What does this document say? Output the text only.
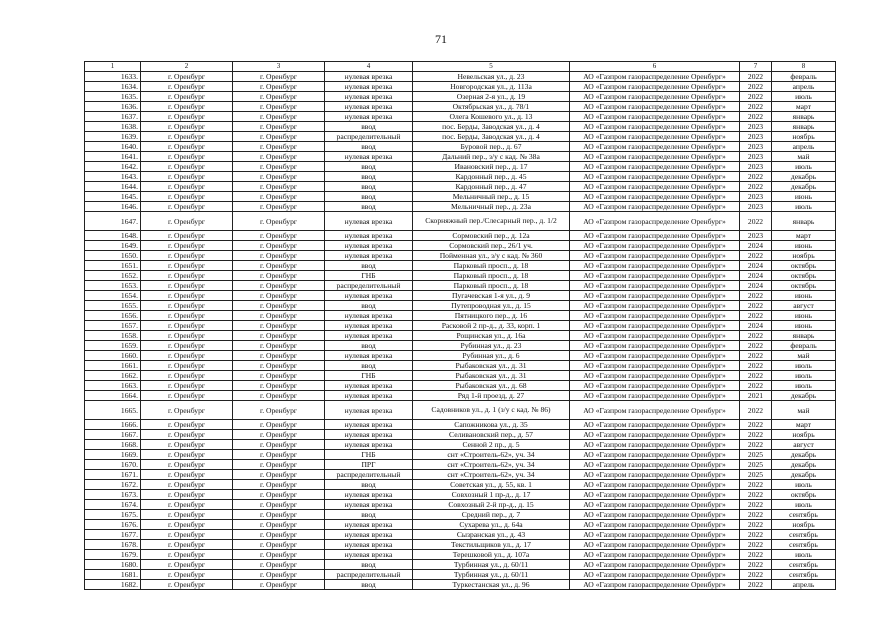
71
1	2	3	4	5	6	7	8
1633.	г. Оренбург	г. Оренбург	нулевая врезка	Невельская ул., д. 23	АО «Газпром газораспределение Оренбург»	2022	февраль
1634.	г. Оренбург	г. Оренбург	нулевая врезка	Новгородская ул., д. 113а	АО «Газпром газораспределение Оренбург»	2022	апрель
1635.	г. Оренбург	г. Оренбург	нулевая врезка	Озерная 2-я ул., д. 19	АО «Газпром газораспределение Оренбург»	2022	июль
1636.	г. Оренбург	г. Оренбург	нулевая врезка	Октябрьская ул., д. 78/1	АО «Газпром газораспределение Оренбург»	2022	март
1637.	г. Оренбург	г. Оренбург	нулевая врезка	Олега Кошевого ул., д. 13	АО «Газпром газораспределение Оренбург»	2022	январь
1638.	г. Оренбург	г. Оренбург	ввод	пос. Берды, Заводская ул., д. 4	АО «Газпром газораспределение Оренбург»	2023	январь
1639.	г. Оренбург	г. Оренбург	распределительный	пос. Берды, Заводская ул., д. 4	АО «Газпром газораспределение Оренбург»	2023	ноябрь
1640.	г. Оренбург	г. Оренбург	ввод	Буровой пер., д. 67	АО «Газпром газораспределение Оренбург»	2023	апрель
1641.	г. Оренбург	г. Оренбург	нулевая врезка	Дальний пер., з/у с кад. № 38а	АО «Газпром газораспределение Оренбург»	2023	май
1642.	г. Оренбург	г. Оренбург	ввод	Ивановский пер., д. 17	АО «Газпром газораспределение Оренбург»	2023	июль
1643.	г. Оренбург	г. Оренбург	ввод	Кардонный пер., д. 45	АО «Газпром газораспределение Оренбург»	2022	декабрь
1644.	г. Оренбург	г. Оренбург	ввод	Кардонный пер., д. 47	АО «Газпром газораспределение Оренбург»	2022	декабрь
1645.	г. Оренбург	г. Оренбург	ввод	Мельничный пер., д. 15	АО «Газпром газораспределение Оренбург»	2023	июнь
1646.	г. Оренбург	г. Оренбург	ввод	Мельничный пер., д. 23а	АО «Газпром газораспределение Оренбург»	2023	июль
1647.	г. Оренбург	г. Оренбург	нулевая врезка	Скорняжный пер./Слесарный пер., д. 1/2	АО «Газпром газораспределение Оренбург»	2022	январь
1648.	г. Оренбург	г. Оренбург	нулевая врезка	Сормовский пер., д. 12а	АО «Газпром газораспределение Оренбург»	2023	март
1649.	г. Оренбург	г. Оренбург	нулевая врезка	Сормовский пер., 26/1 уч.	АО «Газпром газораспределение Оренбург»	2024	июнь
1650.	г. Оренбург	г. Оренбург	нулевая врезка	Пойменная ул., з/у с кад. № 360	АО «Газпром газораспределение Оренбург»	2022	ноябрь
1651.	г. Оренбург	г. Оренбург	ввод	Парковый просп., д. 18	АО «Газпром газораспределение Оренбург»	2024	октябрь
1652.	г. Оренбург	г. Оренбург	ГНБ	Парковый просп., д. 18	АО «Газпром газораспределение Оренбург»	2024	октябрь
1653.	г. Оренбург	г. Оренбург	распределительный	Парковый просп., д. 18	АО «Газпром газораспределение Оренбург»	2024	октябрь
1654.	г. Оренбург	г. Оренбург	нулевая врезка	Пугачевская 1-я ул., д. 9	АО «Газпром газораспределение Оренбург»	2022	июнь
1655.	г. Оренбург	г. Оренбург	ввод	Путепроводная ул., д. 15	АО «Газпром газораспределение Оренбург»	2022	август
1656.	г. Оренбург	г. Оренбург	нулевая врезка	Пятницкого пер., д. 16	АО «Газпром газораспределение Оренбург»	2022	июнь
1657.	г. Оренбург	г. Оренбург	нулевая врезка	Расковой 2 пр-д., д. 33, корп. 1	АО «Газпром газораспределение Оренбург»	2024	июнь
1658.	г. Оренбург	г. Оренбург	нулевая врезка	Рощинская ул., д. 16а	АО «Газпром газораспределение Оренбург»	2022	январь
1659.	г. Оренбург	г. Оренбург	ввод	Рубинная ул., д. 23	АО «Газпром газораспределение Оренбург»	2022	февраль
1660.	г. Оренбург	г. Оренбург	нулевая врезка	Рубинная ул., д. 6	АО «Газпром газораспределение Оренбург»	2022	май
1661.	г. Оренбург	г. Оренбург	ввод	Рыбаковская ул., д. 31	АО «Газпром газораспределение Оренбург»	2022	июль
1662.	г. Оренбург	г. Оренбург	ГНБ	Рыбаковская ул., д. 31	АО «Газпром газораспределение Оренбург»	2022	июль
1663.	г. Оренбург	г. Оренбург	нулевая врезка	Рыбаковская ул., д. 68	АО «Газпром газораспределение Оренбург»	2022	июль
1664.	г. Оренбург	г. Оренбург	нулевая врезка	Ряд 1-й проезд, д. 27	АО «Газпром газораспределение Оренбург»	2021	декабрь
1665.	г. Оренбург	г. Оренбург	нулевая врезка	Садовников ул., д. 1 (з/у с кад. № 86)	АО «Газпром газораспределение Оренбург»	2022	май
1666.	г. Оренбург	г. Оренбург	нулевая врезка	Сапожникова ул., д. 35	АО «Газпром газораспределение Оренбург»	2022	март
1667.	г. Оренбург	г. Оренбург	нулевая врезка	Селивановский пер., д. 57	АО «Газпром газораспределение Оренбург»	2022	ноябрь
1668.	г. Оренбург	г. Оренбург	нулевая врезка	Сенной 2 пр., д. 5	АО «Газпром газораспределение Оренбург»	2022	август
1669.	г. Оренбург	г. Оренбург	ГНБ	снт «Строитель-62», уч. 34	АО «Газпром газораспределение Оренбург»	2025	декабрь
1670.	г. Оренбург	г. Оренбург	ПРГ	снт «Строитель-62», уч. 34	АО «Газпром газораспределение Оренбург»	2025	декабрь
1671.	г. Оренбург	г. Оренбург	распределительный	снт «Строитель-62», уч. 34	АО «Газпром газораспределение Оренбург»	2025	декабрь
1672.	г. Оренбург	г. Оренбург	ввод	Советская ул., д. 55, кв. 1	АО «Газпром газораспределение Оренбург»	2022	июль
1673.	г. Оренбург	г. Оренбург	нулевая врезка	Совхозный 1 пр-д., д. 17	АО «Газпром газораспределение Оренбург»	2022	октябрь
1674.	г. Оренбург	г. Оренбург	нулевая врезка	Совхозный 2-й пр-д., д. 15	АО «Газпром газораспределение Оренбург»	2022	июль
1675.	г. Оренбург	г. Оренбург	ввод	Средний пер., д. 7	АО «Газпром газораспределение Оренбург»	2022	сентябрь
1676.	г. Оренбург	г. Оренбург	нулевая врезка	Сухарева ул., д. 64а	АО «Газпром газораспределение Оренбург»	2022	ноябрь
1677.	г. Оренбург	г. Оренбург	нулевая врезка	Сызранская ул., д. 43	АО «Газпром газораспределение Оренбург»	2022	сентябрь
1678.	г. Оренбург	г. Оренбург	нулевая врезка	Текстильщиков ул., д. 17	АО «Газпром газораспределение Оренбург»	2022	сентябрь
1679.	г. Оренбург	г. Оренбург	нулевая врезка	Терешковой ул., д. 107а	АО «Газпром газораспределение Оренбург»	2022	июль
1680.	г. Оренбург	г. Оренбург	ввод	Турбинная ул., д. 60/11	АО «Газпром газораспределение Оренбург»	2022	сентябрь
1681.	г. Оренбург	г. Оренбург	распределительный	Турбинная ул., д. 60/11	АО «Газпром газораспределение Оренбург»	2022	сентябрь
1682.	г. Оренбург	г. Оренбург	ввод	Туркестанская ул., д. 96	АО «Газпром газораспределение Оренбург»	2022	апрель
